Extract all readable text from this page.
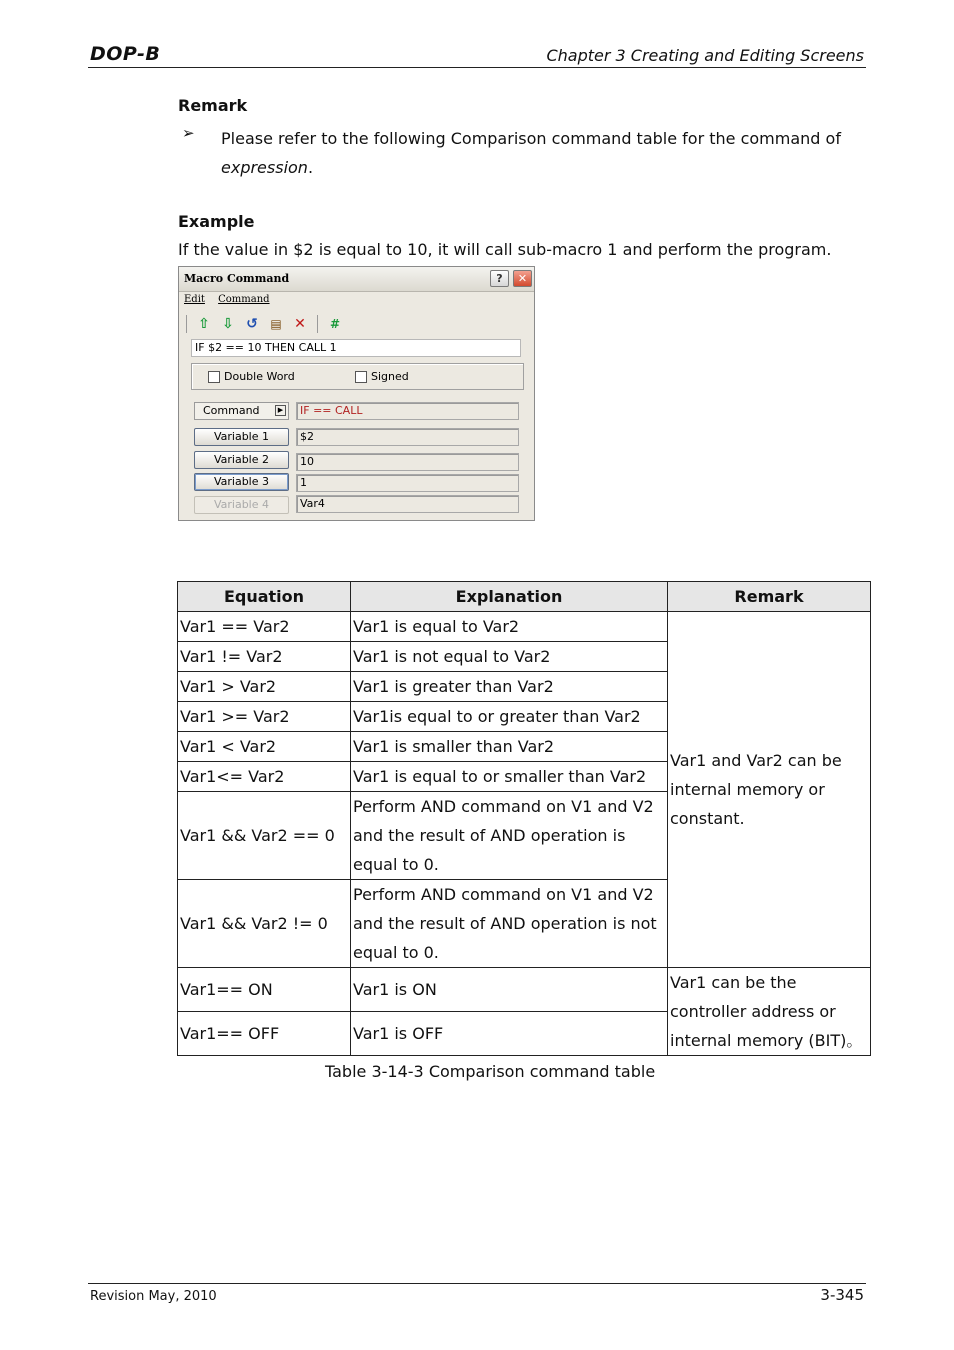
DOP-B	Chapter 3 Creating and Editing Screens
Remark
➢ Please refer to the following Comparison command table for the command of
expression.
Example
If the value in $2 is equal to 10, it will call sub-macro 1 and perform the program.
Macro Command	?	✕
Edit Command
⇧ ⇩ ↺ ▤ ✕	#
IF $2 == 10 THEN CALL 1
Double Word	Signed
Command	▶	IF == CALL
Variable 1	$2
Variable 2	10
Variable 3	1
Variable 4	Var4
Equation	Explanation	Remark
Var1 == Var2	Var1 is equal to Var2	Var1 and Var2 can be internal memory or constant.
Var1 != Var2	Var1 is not equal to Var2	
Var1 > Var2	Var1 is greater than Var2	
Var1 >= Var2	Var1is equal to or greater than Var2	
Var1 < Var2	Var1 is smaller than Var2	
Var1<= Var2	Var1 is equal to or smaller than Var2	
Var1 && Var2 == 0	Perform AND command on V1 and V2 and the result of AND operation is equal to 0.	
Var1 && Var2 != 0	Perform AND command on V1 and V2 and the result of AND operation is not equal to 0.	
Var1== ON	Var1 is ON	Var1 can be the controller address or internal memory (BIT)。
Var1== OFF	Var1 is OFF	
Table 3-14-3 Comparison command table
Revision May, 2010	3-345
